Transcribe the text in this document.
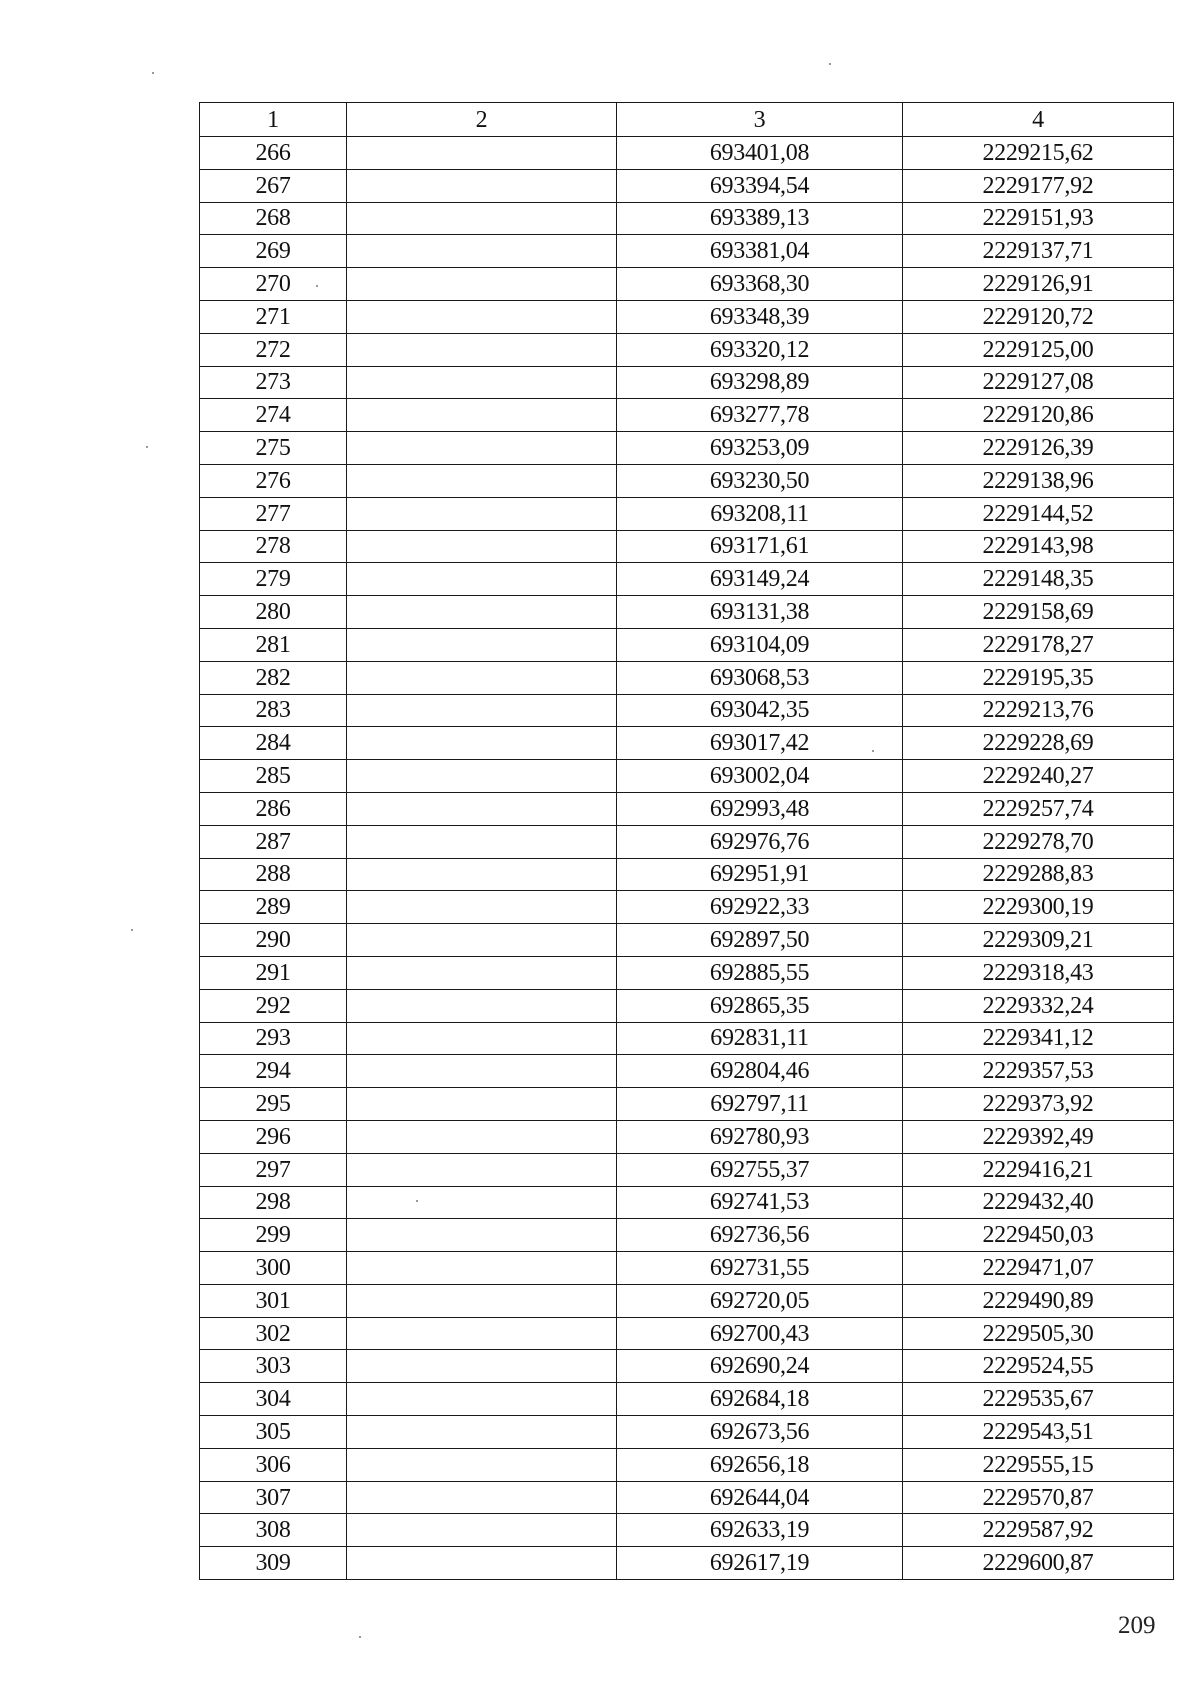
1	2	3	4
266		693401,08	2229215,62
267		693394,54	2229177,92
268		693389,13	2229151,93
269		693381,04	2229137,71
270		693368,30	2229126,91
271		693348,39	2229120,72
272		693320,12	2229125,00
273		693298,89	2229127,08
274		693277,78	2229120,86
275		693253,09	2229126,39
276		693230,50	2229138,96
277		693208,11	2229144,52
278		693171,61	2229143,98
279		693149,24	2229148,35
280		693131,38	2229158,69
281		693104,09	2229178,27
282		693068,53	2229195,35
283		693042,35	2229213,76
284		693017,42	2229228,69
285		693002,04	2229240,27
286		692993,48	2229257,74
287		692976,76	2229278,70
288		692951,91	2229288,83
289		692922,33	2229300,19
290		692897,50	2229309,21
291		692885,55	2229318,43
292		692865,35	2229332,24
293		692831,11	2229341,12
294		692804,46	2229357,53
295		692797,11	2229373,92
296		692780,93	2229392,49
297		692755,37	2229416,21
298		692741,53	2229432,40
299		692736,56	2229450,03
300		692731,55	2229471,07
301		692720,05	2229490,89
302		692700,43	2229505,30
303		692690,24	2229524,55
304		692684,18	2229535,67
305		692673,56	2229543,51
306		692656,18	2229555,15
307		692644,04	2229570,87
308		692633,19	2229587,92
309		692617,19	2229600,87
209
